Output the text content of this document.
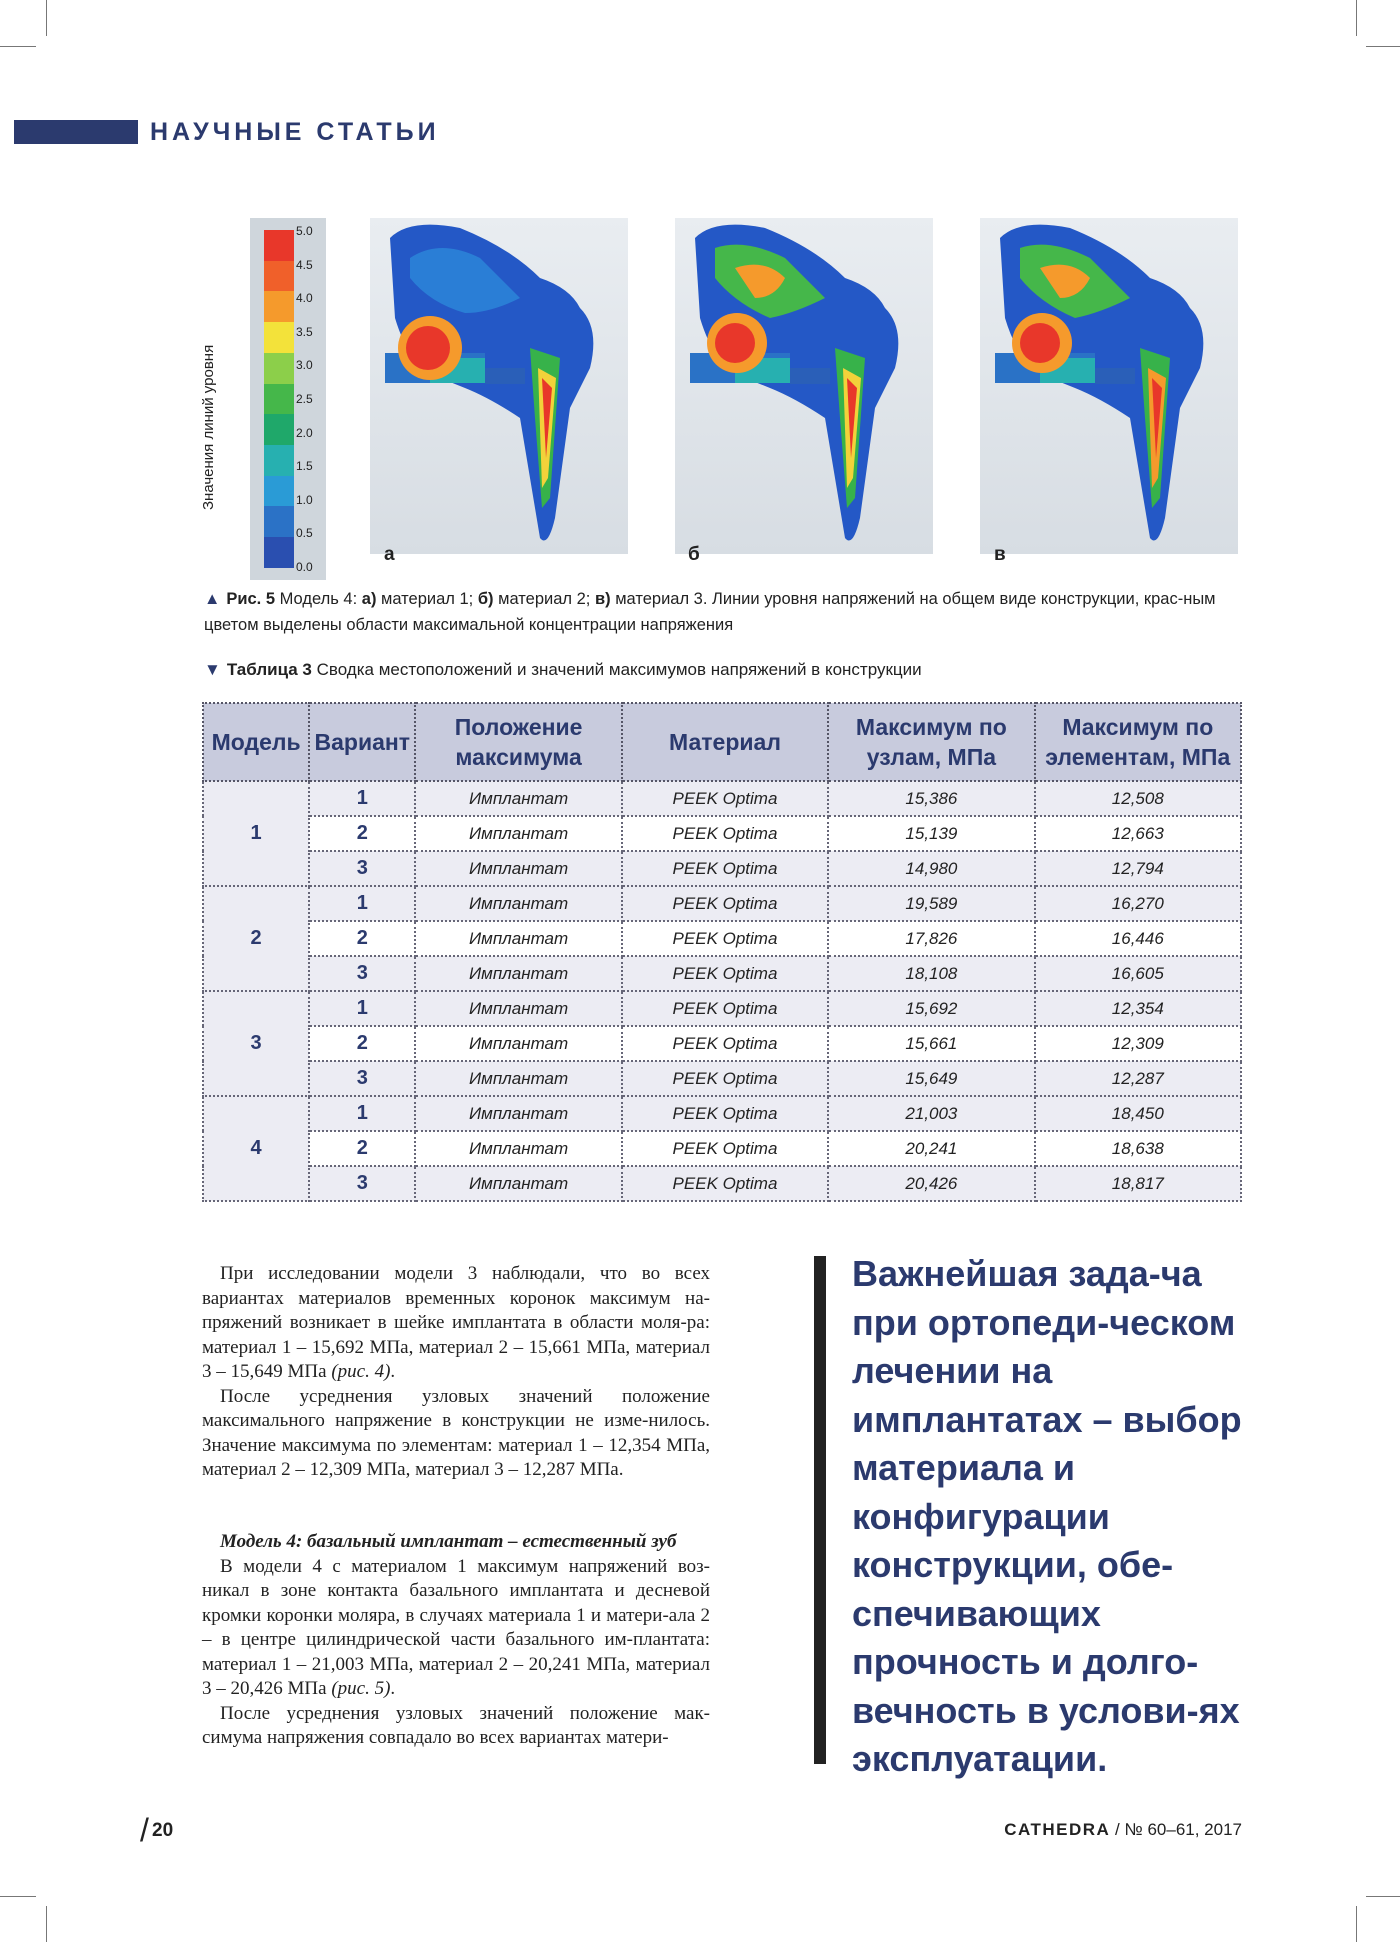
НАУЧНЫЕ СТАТЬИ
Значения линий уровня
5.0
4.5
4.0
3.5
3.0
2.5
2.0
1.5
1.0
0.5
0.0
а	б	в
▲ Рис. 5 Модель 4: а) материал 1; б) материал 2; в) материал 3. Линии уровня напряжений на общем виде конструкции, крас-ным цветом выделены области максимальной концентрации напряжения
▼ Таблица 3 Сводка местоположений и значений максимумов напряжений в конструкции
Модель	Вариант	Положение максимума	Материал	Максимум по узлам, МПа	Максимум по элементам, МПа
1	1	Имплантат	PEEK Optima	15,386	12,508
	2	Имплантат	PEEK Optima	15,139	12,663
	3	Имплантат	PEEK Optima	14,980	12,794
2	1	Имплантат	PEEK Optima	19,589	16,270
	2	Имплантат	PEEK Optima	17,826	16,446
	3	Имплантат	PEEK Optima	18,108	16,605
3	1	Имплантат	PEEK Optima	15,692	12,354
	2	Имплантат	PEEK Optima	15,661	12,309
	3	Имплантат	PEEK Optima	15,649	12,287
4	1	Имплантат	PEEK Optima	21,003	18,450
	2	Имплантат	PEEK Optima	20,241	18,638
	3	Имплантат	PEEK Optima	20,426	18,817

При исследовании модели 3 наблюдали, что во всех вариантах материалов временных коронок максимум на-пряжений возникает в шейке имплантата в области моля-ра: материал 1 – 15,692 МПа, материал 2 – 15,661 МПа, материал 3 – 15,649 МПа (рис. 4).

После усреднения узловых значений положение максимального напряжение в конструкции не изме-нилось. Значение максимума по элементам: материал 1 – 12,354 МПа, материал 2 – 12,309 МПа, материал 3 – 12,287 МПа.

Модель 4: базальный имплантат – естественный зуб

В модели 4 с материалом 1 максимум напряжений воз-никал в зоне контакта базального имплантата и десневой кромки коронки моляра, в случаях материала 1 и матери-ала 2 – в центре цилиндрической части базального им-плантата: материал 1 – 21,003 МПа, материал 2 – 20,241 МПа, материал 3 – 20,426 МПа (рис. 5).

После усреднения узловых значений положение мак-симума напряжения совпадало во всех вариантах матери-

Важнейшая зада-ча при ортопеди-ческом лечении на имплантатах – выбор материала и конфигурации конструкции, обе-спечивающих прочность и долго-вечность в услови-ях эксплуатации.
/ 20	CATHEDRA / № 60–61, 2017
